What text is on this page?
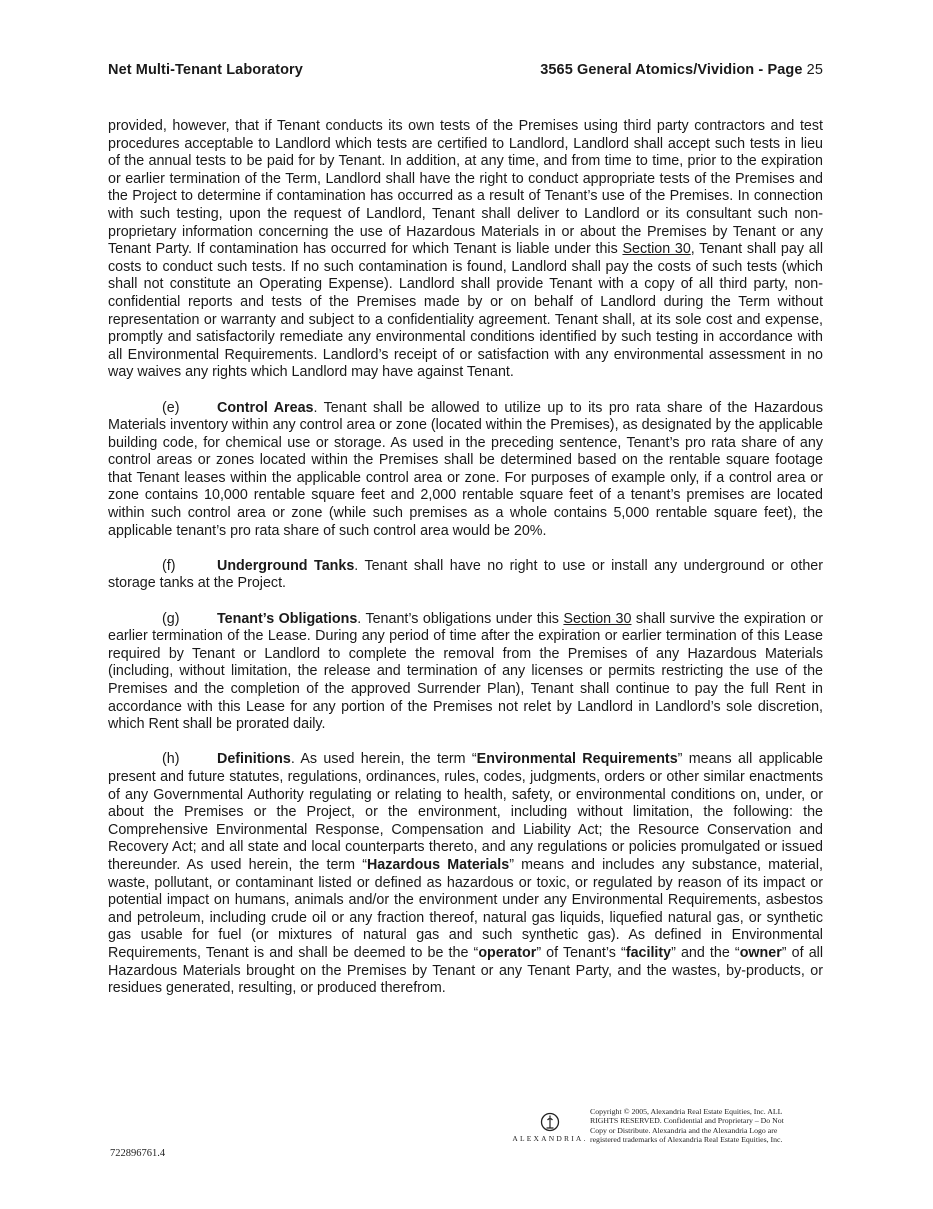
Net Multi-Tenant Laboratory	3565 General Atomics/Vividion - Page 25

provided, however, that if Tenant conducts its own tests of the Premises using third party contractors and test procedures acceptable to Landlord which tests are certified to Landlord, Landlord shall accept such tests in lieu of the annual tests to be paid for by Tenant. In addition, at any time, and from time to time, prior to the expiration or earlier termination of the Term, Landlord shall have the right to conduct appropriate tests of the Premises and the Project to determine if contamination has occurred as a result of Tenant’s use of the Premises. In connection with such testing, upon the request of Landlord, Tenant shall deliver to Landlord or its consultant such non-proprietary information concerning the use of Hazardous Materials in or about the Premises by Tenant or any Tenant Party. If contamination has occurred for which Tenant is liable under this Section 30, Tenant shall pay all costs to conduct such tests. If no such contamination is found, Landlord shall pay the costs of such tests (which shall not constitute an Operating Expense). Landlord shall provide Tenant with a copy of all third party, non-confidential reports and tests of the Premises made by or on behalf of Landlord during the Term without representation or warranty and subject to a confidentiality agreement. Tenant shall, at its sole cost and expense, promptly and satisfactorily remediate any environmental conditions identified by such testing in accordance with all Environmental Requirements. Landlord’s receipt of or satisfaction with any environmental assessment in no way waives any rights which Landlord may have against Tenant.

(e)	Control Areas. Tenant shall be allowed to utilize up to its pro rata share of the Hazardous Materials inventory within any control area or zone (located within the Premises), as designated by the applicable building code, for chemical use or storage. As used in the preceding sentence, Tenant’s pro rata share of any control areas or zones located within the Premises shall be determined based on the rentable square footage that Tenant leases within the applicable control area or zone. For purposes of example only, if a control area or zone contains 10,000 rentable square feet and 2,000 rentable square feet of a tenant’s premises are located within such control area or zone (while such premises as a whole contains 5,000 rentable square feet), the applicable tenant’s pro rata share of such control area would be 20%.

(f)	Underground Tanks. Tenant shall have no right to use or install any underground or other storage tanks at the Project.

(g)	Tenant’s Obligations. Tenant’s obligations under this Section 30 shall survive the expiration or earlier termination of the Lease. During any period of time after the expiration or earlier termination of this Lease required by Tenant or Landlord to complete the removal from the Premises of any Hazardous Materials (including, without limitation, the release and termination of any licenses or permits restricting the use of the Premises and the completion of the approved Surrender Plan), Tenant shall continue to pay the full Rent in accordance with this Lease for any portion of the Premises not relet by Landlord in Landlord’s sole discretion, which Rent shall be prorated daily.

(h)	Definitions. As used herein, the term “Environmental Requirements” means all applicable present and future statutes, regulations, ordinances, rules, codes, judgments, orders or other similar enactments of any Governmental Authority regulating or relating to health, safety, or environmental conditions on, under, or about the Premises or the Project, or the environment, including without limitation, the following: the Comprehensive Environmental Response, Compensation and Liability Act; the Resource Conservation and Recovery Act; and all state and local counterparts thereto, and any regulations or policies promulgated or issued thereunder. As used herein, the term “Hazardous Materials” means and includes any substance, material, waste, pollutant, or contaminant listed or defined as hazardous or toxic, or regulated by reason of its impact or potential impact on humans, animals and/or the environment under any Environmental Requirements, asbestos and petroleum, including crude oil or any fraction thereof, natural gas liquids, liquefied natural gas, or synthetic gas usable for fuel (or mixtures of natural gas and such synthetic gas). As defined in Environmental Requirements, Tenant is and shall be deemed to be the “operator” of Tenant’s “facility” and the “owner” of all Hazardous Materials brought on the Premises by Tenant or any Tenant Party, and the wastes, by-products, or residues generated, resulting, or produced therefrom.

ALEXANDRIA.
Copyright © 2005, Alexandria Real Estate Equities, Inc. ALL
RIGHTS RESERVED. Confidential and Proprietary – Do Not
Copy or Distribute. Alexandria and the Alexandria Logo are
registered trademarks of Alexandria Real Estate Equities, Inc.
722896761.4
